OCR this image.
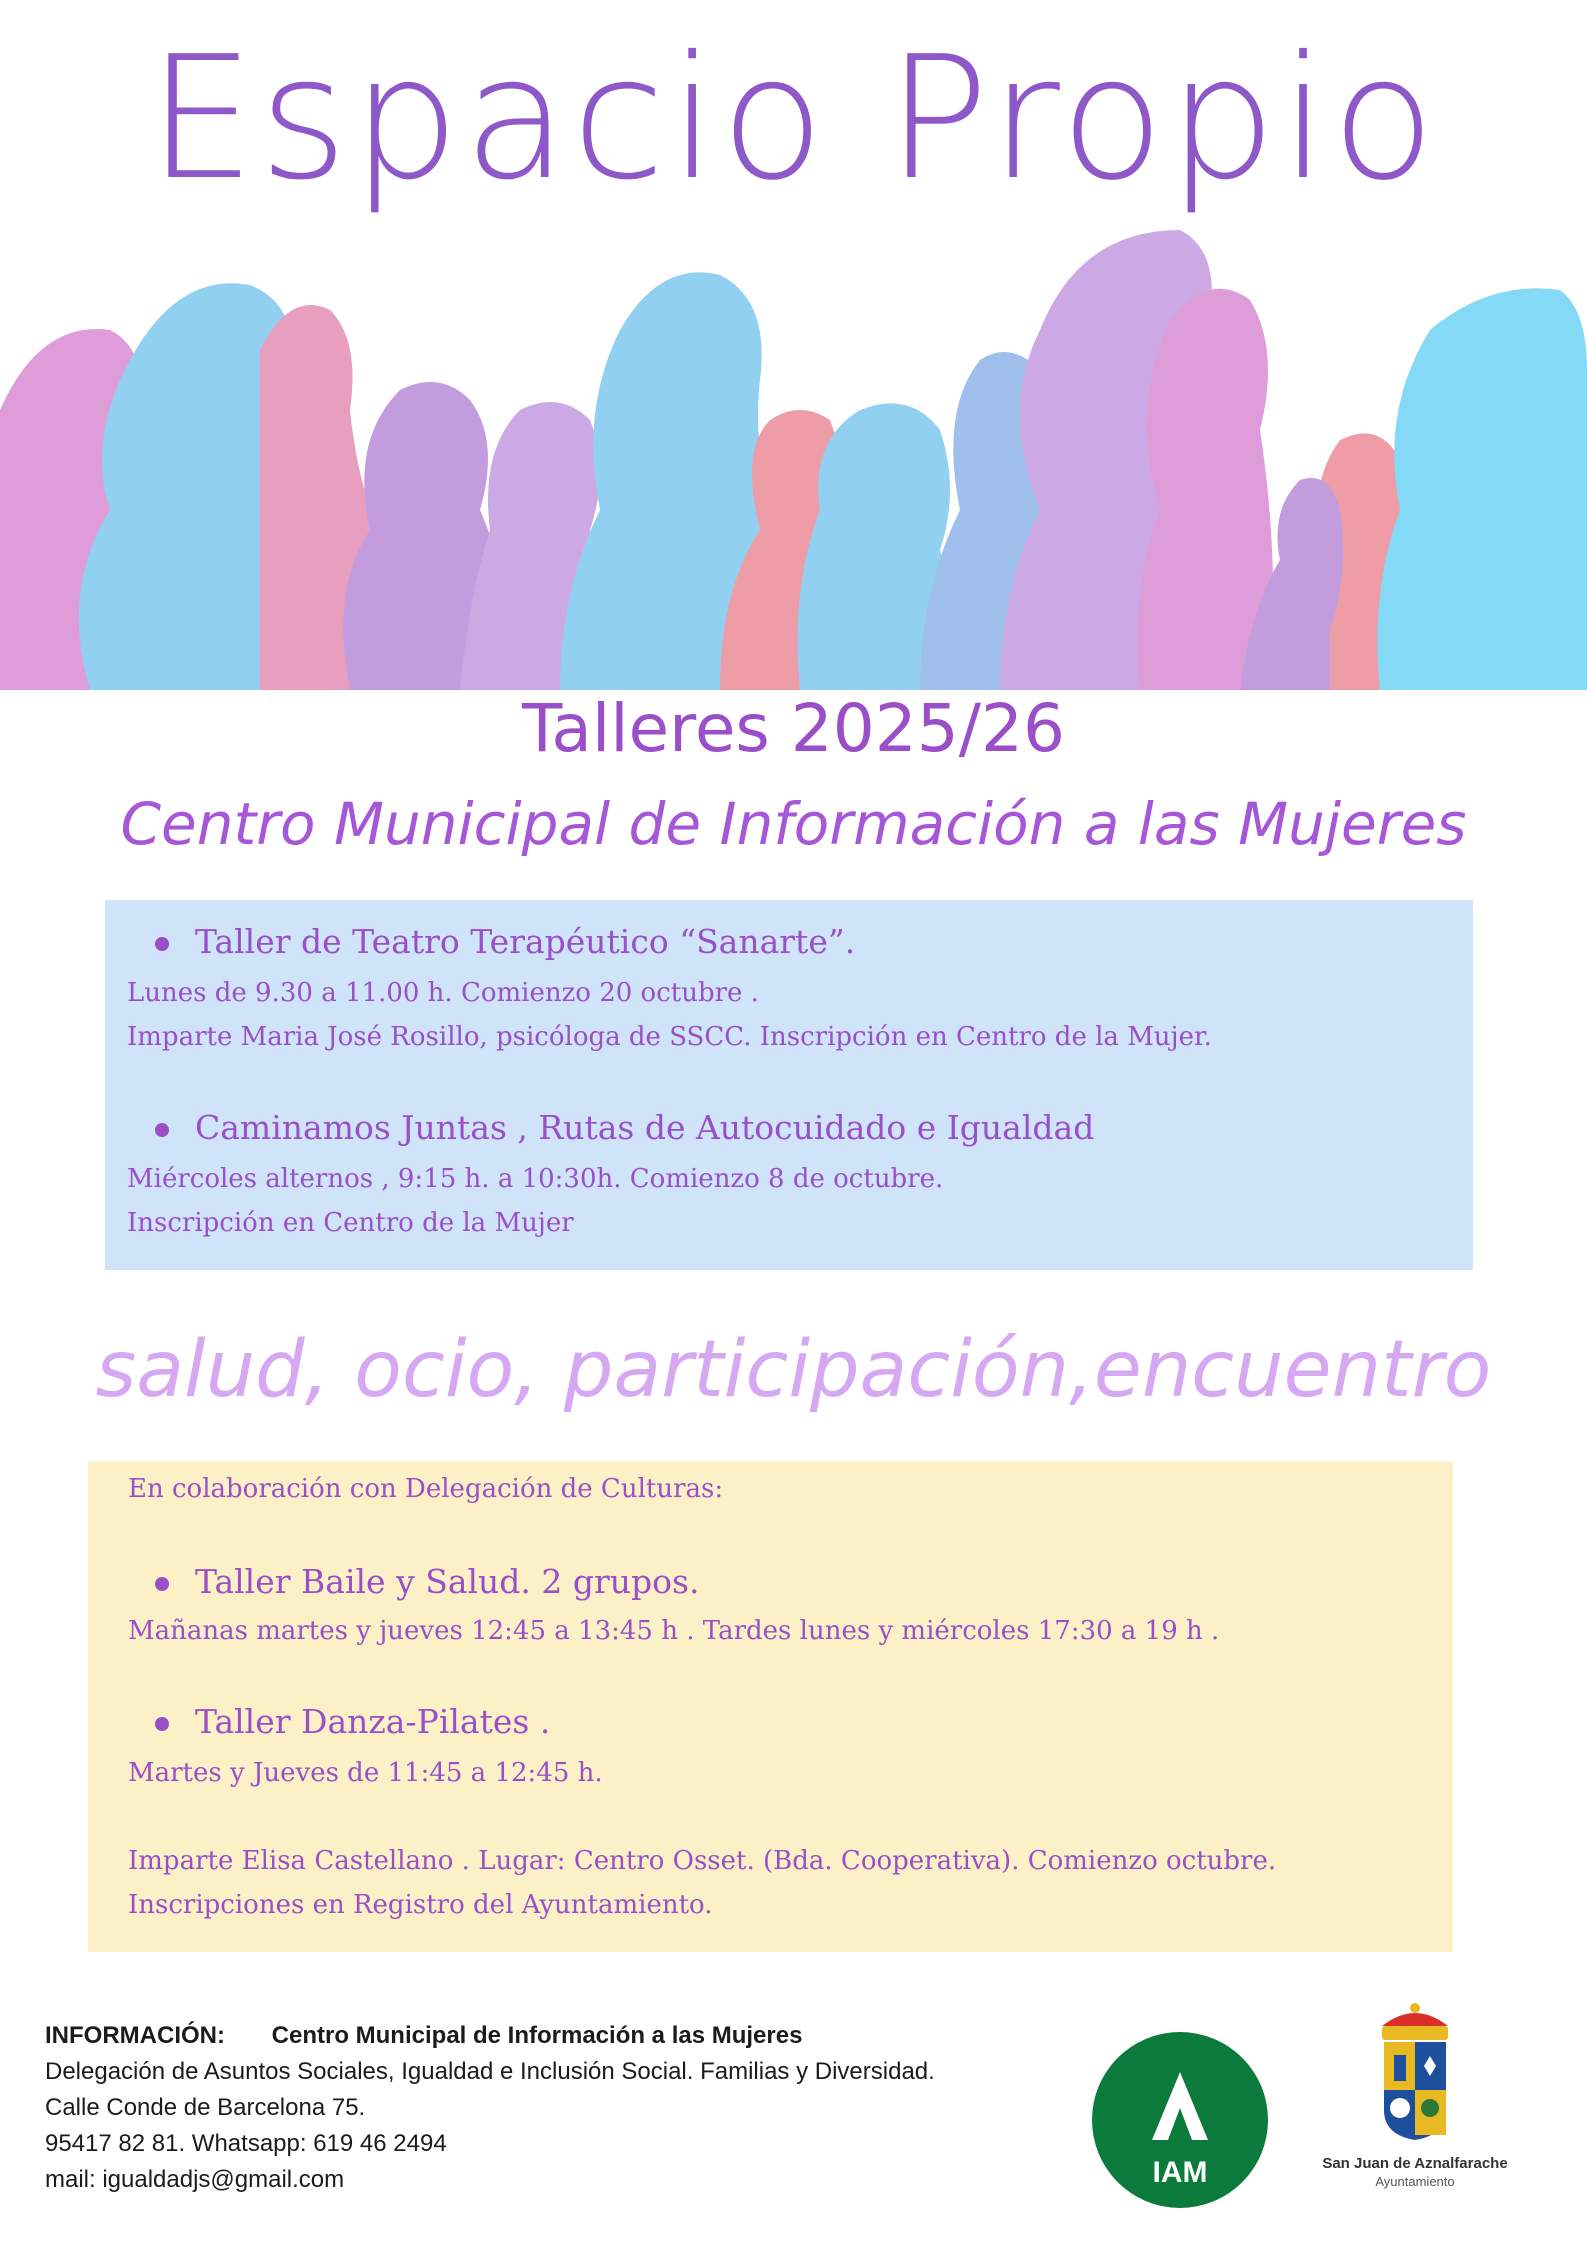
Espacio Propio
Talleres 2025/26
Centro Municipal de Información a las Mujeres
Taller de Teatro Terapéutico “Sanarte”.
Lunes de 9.30 a 11.00 h. Comienzo 20 octubre .
Imparte Maria José Rosillo, psicóloga de SSCC. Inscripción en Centro de la Mujer.
Caminamos Juntas , Rutas de Autocuidado e Igualdad
Miércoles alternos , 9:15 h. a 10:30h. Comienzo 8 de octubre.
Inscripción en Centro de la Mujer
salud, ocio, participación,encuentro
En colaboración con Delegación de Culturas:
Taller Baile y Salud. 2 grupos.
Mañanas martes y jueves 12:45 a 13:45 h . Tardes lunes y miércoles 17:30 a 19 h .
Taller Danza-Pilates .
Martes y Jueves de 11:45 a 12:45 h.
Imparte Elisa Castellano . Lugar: Centro Osset. (Bda. Cooperativa). Comienzo octubre.
Inscripciones en Registro del Ayuntamiento.
INFORMACIÓN: Centro Municipal de Información a las Mujeres
Delegación de Asuntos Sociales, Igualdad e Inclusión Social. Familias y Diversidad.
Calle Conde de Barcelona 75.
95417 82 81. Whatsapp: 619 46 2494
mail: igualdadjs@gmail.com	IAM	San Juan de Aznalfarache
Ayuntamiento
